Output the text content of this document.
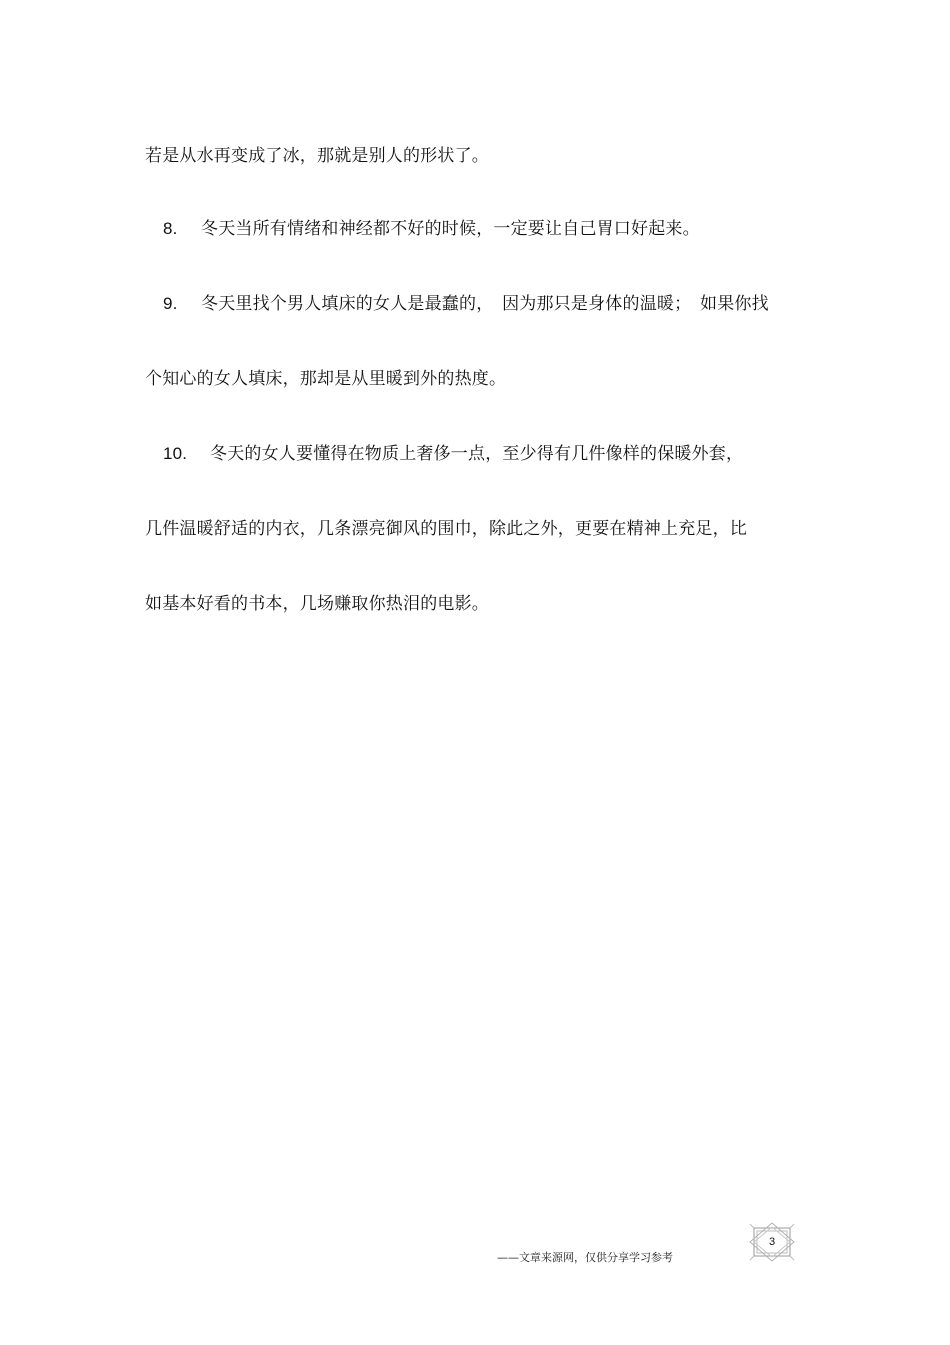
若是从水再变成了冰，那就是别人的形状了。
8. 冬天当所有情绪和神经都不好的时候，一定要让自己胃口好起来。
9. 冬天里找个男人填床的女人是最蠢的，　因为那只是身体的温暖；　如果你找
个知心的女人填床，那却是从里暖到外的热度。
10. 冬天的女人要懂得在物质上奢侈一点，至少得有几件像样的保暖外套，
几件温暖舒适的内衣，几条漂亮御风的围巾，除此之外，更要在精神上充足，比
如基本好看的书本，几场赚取你热泪的电影。
——文章来源网，仅供分享学习参考
3
